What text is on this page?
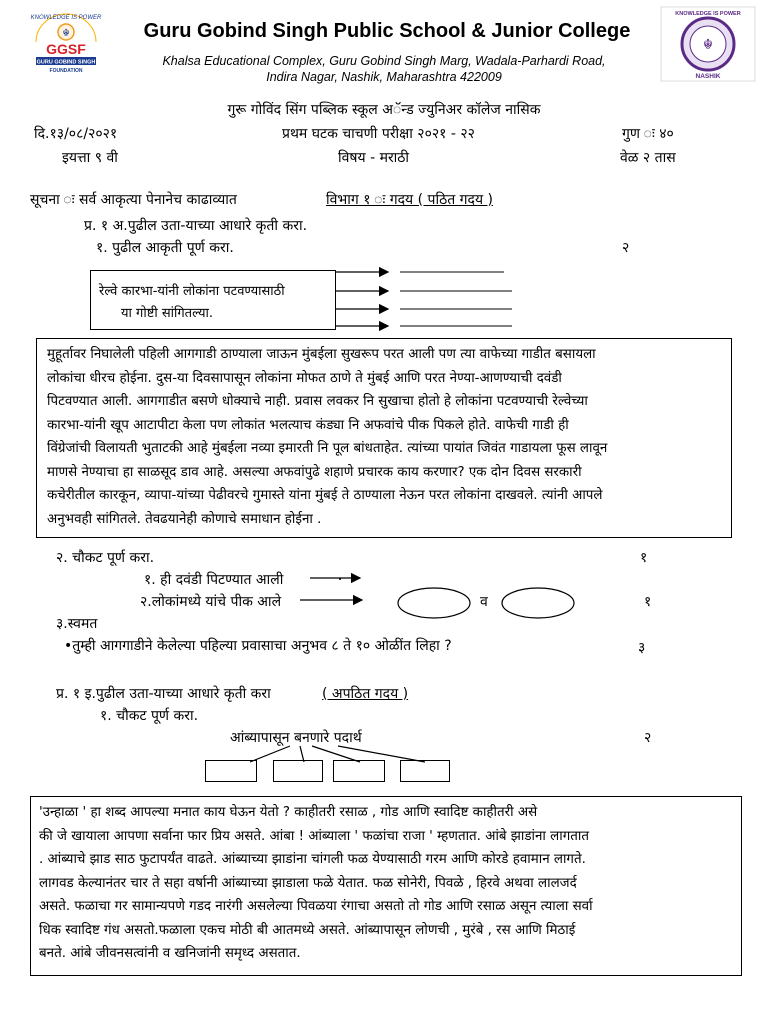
KNOWLEDGE IS POWER
☬
GGSF
GURU GOBIND SINGH
FOUNDATION
KNOWLEDGE IS POWER
☬
NASHIK
Guru Gobind Singh Public School & Junior College
Khalsa Educational Complex, Guru Gobind Singh Marg, Wadala-Parhardi Road,
Indira Nagar, Nashik, Maharashtra 422009
गुरू गोविंद सिंग पब्लिक स्कूल अॅन्ड ज्युनिअर कॉलेज नासिक
दि.१३/०८/२०२१	प्रथम घटक चाचणी परीक्षा २०२१ - २२	गुण ः ४०
इयत्ता ९ वी	विषय - मराठी	वेळ २ तास
सूचना ः सर्व आकृत्या पेनानेच काढाव्यात	विभाग १ ः गदय ( पठित गदय )
प्र. १ अ.पुढील उता-याच्या आधारे कृती करा.
१. पुढील आकृती पूर्ण करा.	२
रेल्वे कारभा-यांनी लोकांना पटवण्यासाठी
या गोष्टी सांगितल्या.
मुहूर्तावर निघालेली पहिली आगगाडी ठाण्याला जाऊन मुंबईला सुखरूप परत आली पण त्या वाफेच्या गाडीत बसायला
लोकांचा धीरच होईना. दुस-या दिवसापासून लोकांना मोफत ठाणे ते मुंबई आणि परत नेण्या-आणण्याची दवंडी
पिटवण्यात आली. आगगाडीत बसणे धोक्याचे नाही. प्रवास लवकर नि सुखाचा होतो हे लोकांना पटवण्याची रेल्वेच्या
कारभा-यांनी खूप आटापीटा केला पण लोकांत भलत्याच कंड्या नि अफवांचे पीक पिकले होते. वाफेची गाडी ही
विंग्रेजांची विलायती भुताटकी आहे मुंबईला नव्या इमारती नि पूल बांधताहेत. त्यांच्या पायांत जिवंत गाडायला फूस लावून
माणसे नेण्याचा हा साळसूद डाव आहे. असल्या अफवांपुढे शहाणे प्रचारक काय करणार? एक दोन दिवस सरकारी
कचेरीतील कारकून, व्यापा-यांच्या पेढीवरचे गुमास्ते यांना मुंबई ते ठाण्याला नेऊन परत लोकांना दाखवले. त्यांनी आपले
अनुभवही सांगितले. तेवढयानेही कोणाचे समाधान होईना .
२. चौकट पूर्ण करा.	१
१. ही दवंडी पिटण्यात आली
२.लोकांमध्ये यांचे पीक आले	व	१
३.स्वमत
•तुम्ही आगगाडीने केलेल्या पहिल्या प्रवासाचा अनुभव ८ ते १० ओळींत लिहा ?	३
प्र. १ इ.पुढील उता-याच्या आधारे कृती करा	( अपठित गदय )
१. चौकट पूर्ण करा.
आंब्यापासून बनणारे पदार्थ	२
'उन्हाळा ' हा शब्द आपल्या मनात काय घेऊन येतो ? काहीतरी रसाळ , गोड आणि स्वादिष्ट काहीतरी असे
की जे खायाला आपणा सर्वाना फार प्रिय असते. आंबा ! आंब्याला ' फळांचा राजा ' म्हणतात. आंबे झाडांना लागतात
. आंब्याचे झाड साठ फुटापर्यंत वाढते. आंब्याच्या झाडांना चांगली फळ येण्यासाठी गरम आणि कोरडे हवामान लागते.
लागवड केल्यानंतर चार ते सहा वर्षानी आंब्याच्या झाडाला फळे येतात. फळ सोनेरी, पिवळे , हिरवे अथवा लालजर्द
असते. फळाचा गर सामान्यपणे गडद नारंगी असलेल्या पिवळया रंगाचा असतो तो गोड आणि रसाळ असून त्याला सर्वा
धिक स्वादिष्ट गंध असतो.फळाला एकच मोठी बी आतमध्ये असते. आंब्यापासून लोणची , मुरंबे , रस आणि मिठाई
बनते. आंबे जीवनसत्वांनी व खनिजांनी समृध्द असतात.
